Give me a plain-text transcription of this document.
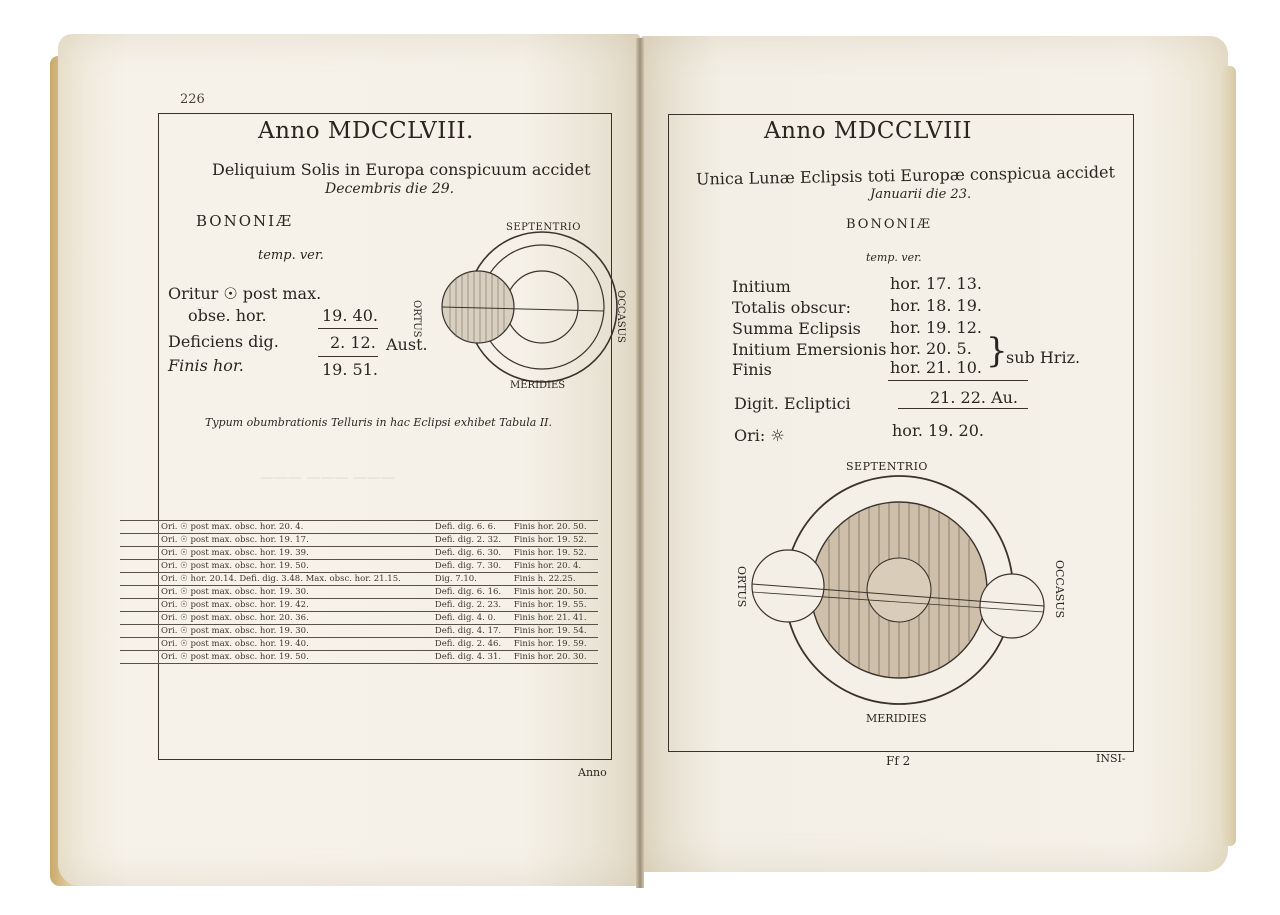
226
Anno MDCCLVIII.
Deliquium Solis in Europa conspicuum accidet
Decembris die 29.
BONONIÆ
temp. ver.
Oritur ☉ post max.
obse. hor.	19. 40.
Deficiens dig.	2. 12. Aust.
Finis hor.	19. 51.
SEPTENTRIO
ORTUS	OCCASUS
MERIDIES
Typum obumbrationis Telluris in hac Eclipsi exhibet Tabula II.
——— ——— ———
	Ori. ☉ post max. obsc. hor. 20. 4.	Defi. dig. 6. 6.	Finis hor. 20. 50.
	Ori. ☉ post max. obsc. hor. 19. 17.	Defi. dig. 2. 32.	Finis hor. 19. 52.
	Ori. ☉ post max. obsc. hor. 19. 39.	Defi. dig. 6. 30.	Finis hor. 19. 52.
	Ori. ☉ post max. obsc. hor. 19. 50.	Defi. dig. 7. 30.	Finis hor. 20. 4.
	Ori. ☉ hor. 20.14. Defi. dig. 3.48. Max. obsc. hor. 21.15.	Dig. 7.10.	Finis h. 22.25.
	Ori. ☉ post max. obsc. hor. 19. 30.	Defi. dig. 6. 16.	Finis hor. 20. 50.
	Ori. ☉ post max. obsc. hor. 19. 42.	Defi. dig. 2. 23.	Finis hor. 19. 55.
	Ori. ☉ post max. obsc. hor. 20. 36.	Defi. dig. 4. 0.	Finis hor. 21. 41.
	Ori. ☉ post max. obsc. hor. 19. 30.	Defi. dig. 4. 17.	Finis hor. 19. 54.
	Ori. ☉ post max. obsc. hor. 19. 40.	Defi. dig. 2. 46.	Finis hor. 19. 59.
	Ori. ☉ post max. obsc. hor. 19. 50.	Defi. dig. 4. 31.	Finis hor. 20. 30.
Anno
Anno MDCCLVIII
Unica Lunæ Eclipsis toti Europæ conspicua accidet
Januarii die 23.
BONONIÆ
temp. ver.
Initium	hor. 17. 13.
Totalis obscur: hor. 18. 19.
Summa Eclipsis hor. 19. 12.
Initium Emersionis hor. 20. 5.
Finis	hor. 21. 10. }
sub Hriz.
Digit. Ecliptici	21. 22. Au.
Ori: ☼	hor. 19. 20.
SEPTENTRIO
ORTUS	OCCASUS
MERIDIES
Ff 2	INSI-
